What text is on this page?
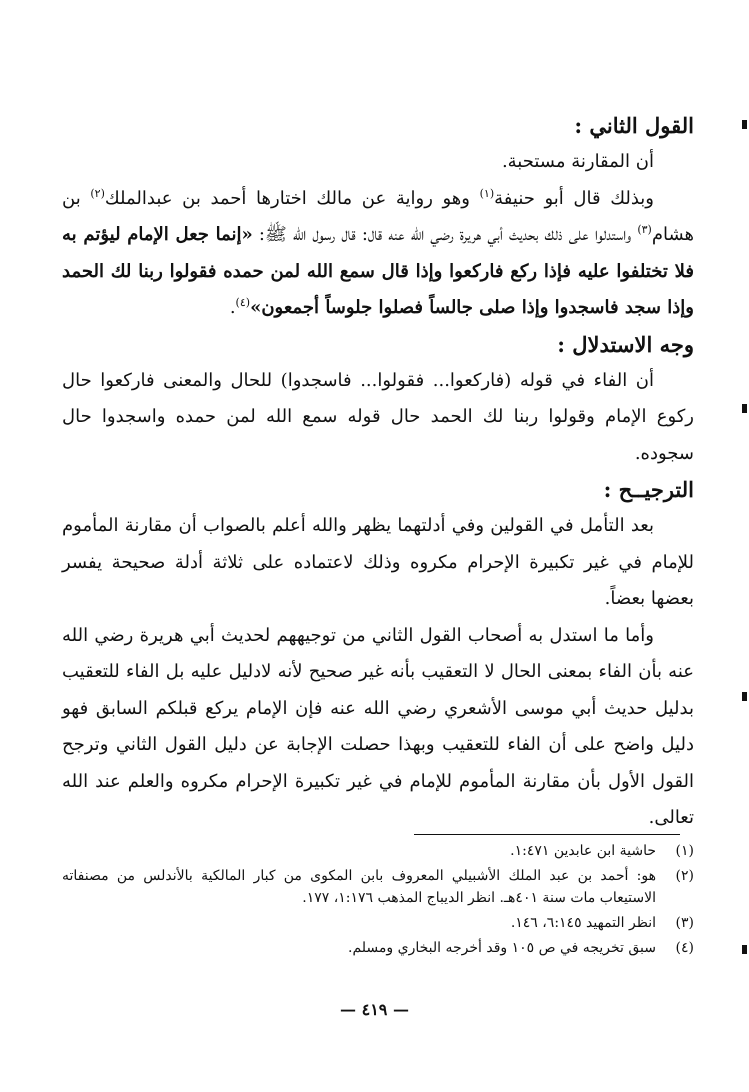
القول الثاني :

أن المقارنة مستحبة.

وبذلك قال أبو حنيفة$^{(١)}$ وهو رواية عن مالك اختارها أحمد بن عبدالملك$^{(٢)}$ بن هشام$^{(٣)}$ واستدلوا على ذلك بحديث أبي هريرة رضي الله عنه قال: قال رسول الله ﷺ: «إنما جعل الإمام ليؤتم به فلا تختلفوا عليه فإذا ركع فاركعوا وإذا قال سمع الله لمن حمده فقولوا ربنا لك الحمد وإذا سجد فاسجدوا وإذا صلى جالساً فصلوا جلوساً أجمعون»$^{(٤)}$.

وجه الاستدلال :

أن الفاء في قوله (فاركعوا... فقولوا... فاسجدوا) للحال والمعنى فاركعوا حال ركوع الإمام وقولوا ربنا لك الحمد حال قوله سمع الله لمن حمده واسجدوا حال سجوده.

الترجيــح :

بعد التأمل في القولين وفي أدلتهما يظهر والله أعلم بالصواب أن مقارنة المأموم للإمام في غير تكبيرة الإحرام مكروه وذلك لاعتماده على ثلاثة أدلة صحيحة يفسر بعضها بعضاً.

وأما ما استدل به أصحاب القول الثاني من توجيههم لحديث أبي هريرة رضي الله عنه بأن الفاء بمعنى الحال لا التعقيب بأنه غير صحيح لأنه لادليل عليه بل الفاء للتعقيب بدليل حديث أبي موسى الأشعري رضي الله عنه فإن الإمام يركع قبلكم السابق فهو دليل واضح على أن الفاء للتعقيب وبهذا حصلت الإجابة عن دليل القول الثاني وترجح القول الأول بأن مقارنة المأموم للإمام في غير تكبيرة الإحرام مكروه والعلم عند الله تعالى.

(١)
حاشية ابن عابدين ١:٤٧١.
(٢)
هو: أحمد بن عبد الملك الأشبيلي المعروف بابن المكوى من كبار المالكية بالأندلس من مصنفاته الاستيعاب مات سنة ٤٠١هـ. انظر الديباج المذهب ١:١٧٦، ١٧٧.
(٣)
انظر التمهيد ٦:١٤٥، ١٤٦.
(٤)
سبق تخريجه في ص ١٠٥ وقد أخرجه البخاري ومسلم.
— ٤١٩ —
